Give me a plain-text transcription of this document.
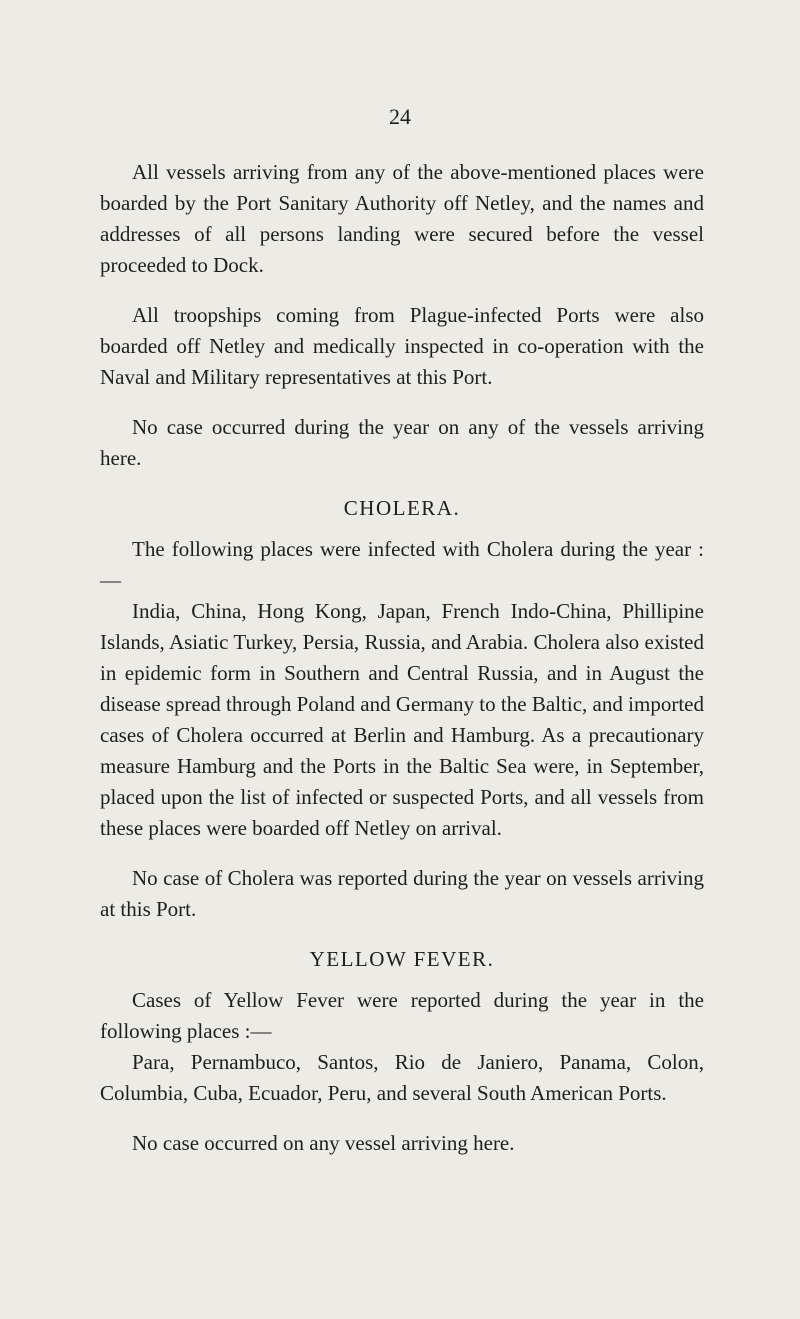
24

All vessels arriving from any of the above-mentioned places were boarded by the Port Sanitary Authority off Netley, and the names and addresses of all persons landing were secured before the vessel proceeded to Dock.

All troopships coming from Plague-infected Ports were also boarded off Netley and medically inspected in co-operation with the Naval and Military representatives at this Port.

No case occurred during the year on any of the vessels arriving here.

CHOLERA.

The following places were infected with Cholera during the year :—

India, China, Hong Kong, Japan, French Indo-China, Phillipine Islands, Asiatic Turkey, Persia, Russia, and Arabia. Cholera also existed in epidemic form in Southern and Central Russia, and in August the disease spread through Poland and Germany to the Baltic, and imported cases of Cholera occurred at Berlin and Hamburg. As a precautionary measure Hamburg and the Ports in the Baltic Sea were, in September, placed upon the list of infected or suspected Ports, and all vessels from these places were boarded off Netley on arrival.

No case of Cholera was reported during the year on vessels arriving at this Port.

YELLOW FEVER.

Cases of Yellow Fever were reported during the year in the following places :—

Para, Pernambuco, Santos, Rio de Janiero, Panama, Colon, Columbia, Cuba, Ecuador, Peru, and several South American Ports.

No case occurred on any vessel arriving here.
